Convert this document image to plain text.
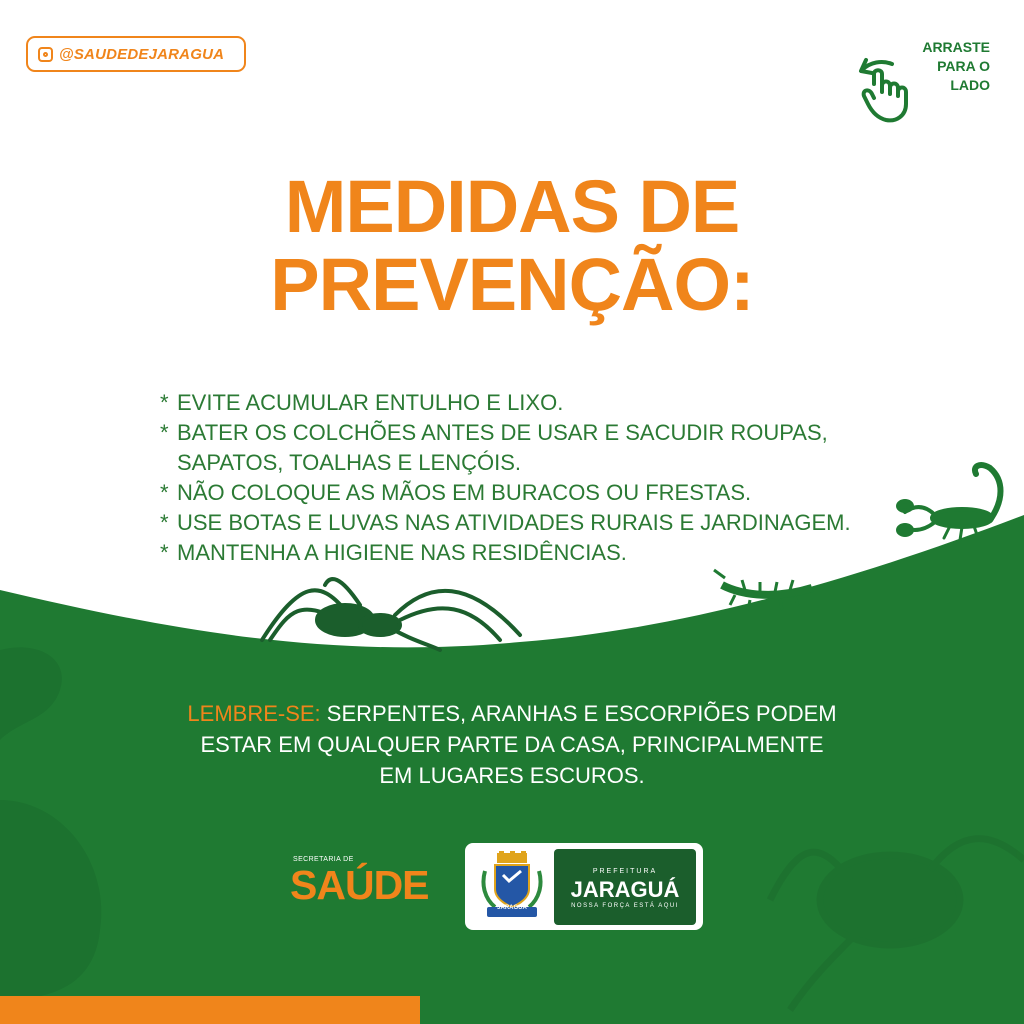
@SAUDEDEJARAGUA	ARRASTE
PARA O
LADO
MEDIDAS DE
PREVENÇÃO:
* EVITE ACUMULAR ENTULHO E LIXO.
* BATER OS COLCHÕES ANTES DE USAR E SACUDIR ROUPAS,
SAPATOS, TOALHAS E LENÇÓIS.
* NÃO COLOQUE AS MÃOS EM BURACOS OU FRESTAS.
* USE BOTAS E LUVAS NAS ATIVIDADES RURAIS E JARDINAGEM.
* MANTENHA A HIGIENE NAS RESIDÊNCIAS.
LEMBRE-SE: SERPENTES, ARANHAS E ESCORPIÕES PODEM
ESTAR EM QUALQUER PARTE DA CASA, PRINCIPALMENTE
EM LUGARES ESCUROS.
SECRETARIA DE
SAÚDE	JARAGUÁ
PREFEITURA
JARAGUÁ
NOSSA FORÇA ESTÁ AQUI
